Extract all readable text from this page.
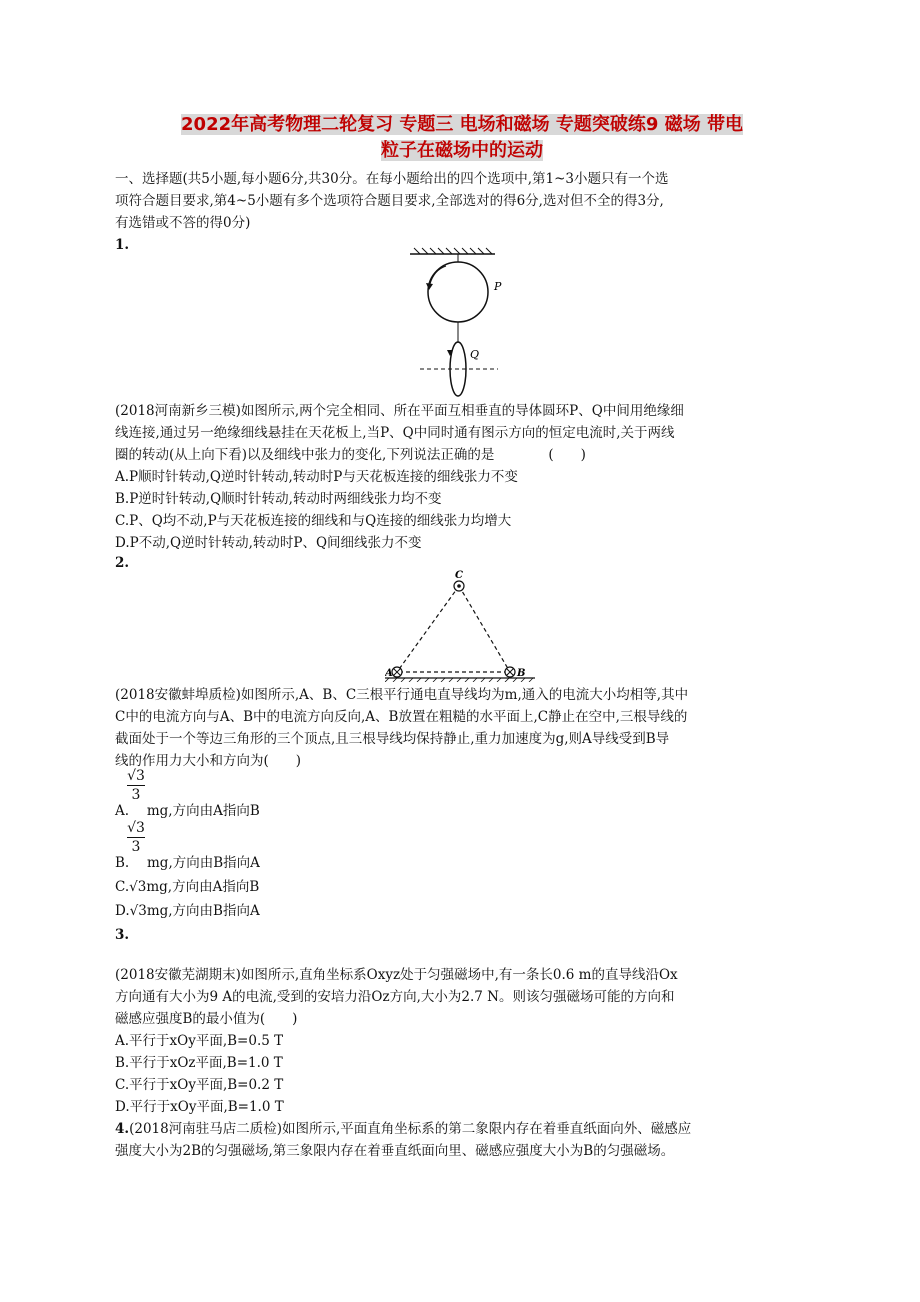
2022年高考物理二轮复习 专题三 电场和磁场 专题突破练9 磁场 带电
粒子在磁场中的运动
一、选择题(共5小题,每小题6分,共30分。在每小题给出的四个选项中,第1~3小题只有一个选
项符合题目要求,第4~5小题有多个选项符合题目要求,全部选对的得6分,选对但不全的得3分,
有选错或不答的得0分)
1.
P
Q
(2018河南新乡三模)如图所示,两个完全相同、所在平面互相垂直的导体圆环P、Q中间用绝缘细
线连接,通过另一绝缘细线悬挂在天花板上,当P、Q中同时通有图示方向的恒定电流时,关于两线
圈的转动(从上向下看)以及细线中张力的变化,下列说法正确的是　　　　(　　)
A.P顺时针转动,Q逆时针转动,转动时P与天花板连接的细线张力不变
B.P逆时针转动,Q顺时针转动,转动时两细线张力均不变
C.P、Q均不动,P与天花板连接的细线和与Q连接的细线张力均增大
D.P不动,Q逆时针转动,转动时P、Q间细线张力不变
2.
C
A	B
(2018安徽蚌埠质检)如图所示,A、B、C三根平行通电直导线均为m,通入的电流大小均相等,其中
C中的电流方向与A、B中的电流方向反向,A、B放置在粗糙的水平面上,C静止在空中,三根导线的
截面处于一个等边三角形的三个顶点,且三根导线均保持静止,重力加速度为g,则A导线受到B导
线的作用力大小和方向为(　　)
√3
3
A.　 mg,方向由A指向B
√3
3
B.　 mg,方向由B指向A
C.√3mg,方向由A指向B
D.√3mg,方向由B指向A
3.
(2018安徽芜湖期末)如图所示,直角坐标系Oxyz处于匀强磁场中,有一条长0.6 m的直导线沿Ox
方向通有大小为9 A的电流,受到的安培力沿Oz方向,大小为2.7 N。则该匀强磁场可能的方向和
磁感应强度B的最小值为(　　)
A.平行于xOy平面,B=0.5 T
B.平行于xOz平面,B=1.0 T
C.平行于xOy平面,B=0.2 T
D.平行于xOy平面,B=1.0 T
4.(2018河南驻马店二质检)如图所示,平面直角坐标系的第二象限内存在着垂直纸面向外、磁感应
强度大小为2B的匀强磁场,第三象限内存在着垂直纸面向里、磁感应强度大小为B的匀强磁场。
